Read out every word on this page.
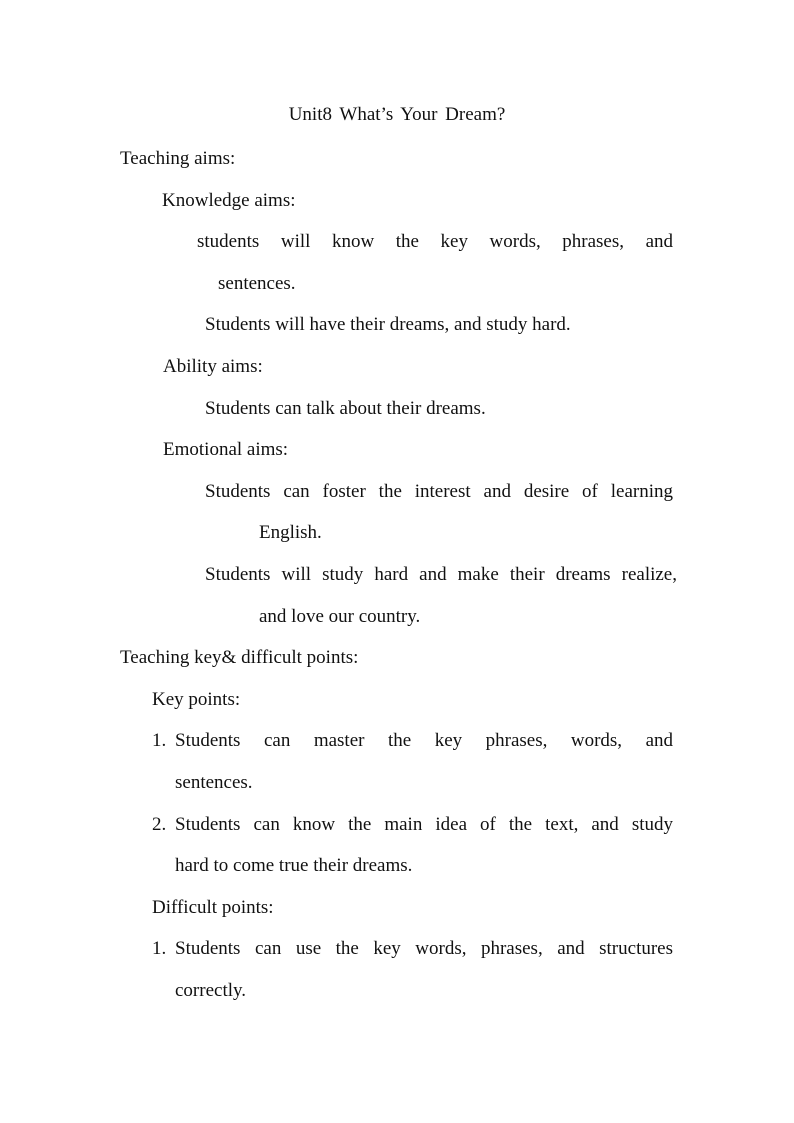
Unit8 What’s Your Dream?
Teaching aims:
Knowledge aims:
students will know the key words, phrases, and
sentences.
Students will have their dreams, and study hard.
Ability aims:
Students can talk about their dreams.
Emotional aims:
Students can foster the interest and desire of learning
English.
Students will study hard and make their dreams realize,
and love our country.
Teaching key& difficult points:
Key points:
1. Students can master the key phrases, words, and
sentences.
2. Students can know the main idea of the text, and study
hard to come true their dreams.
Difficult points:
1. Students can use the key words, phrases, and structures
correctly.
